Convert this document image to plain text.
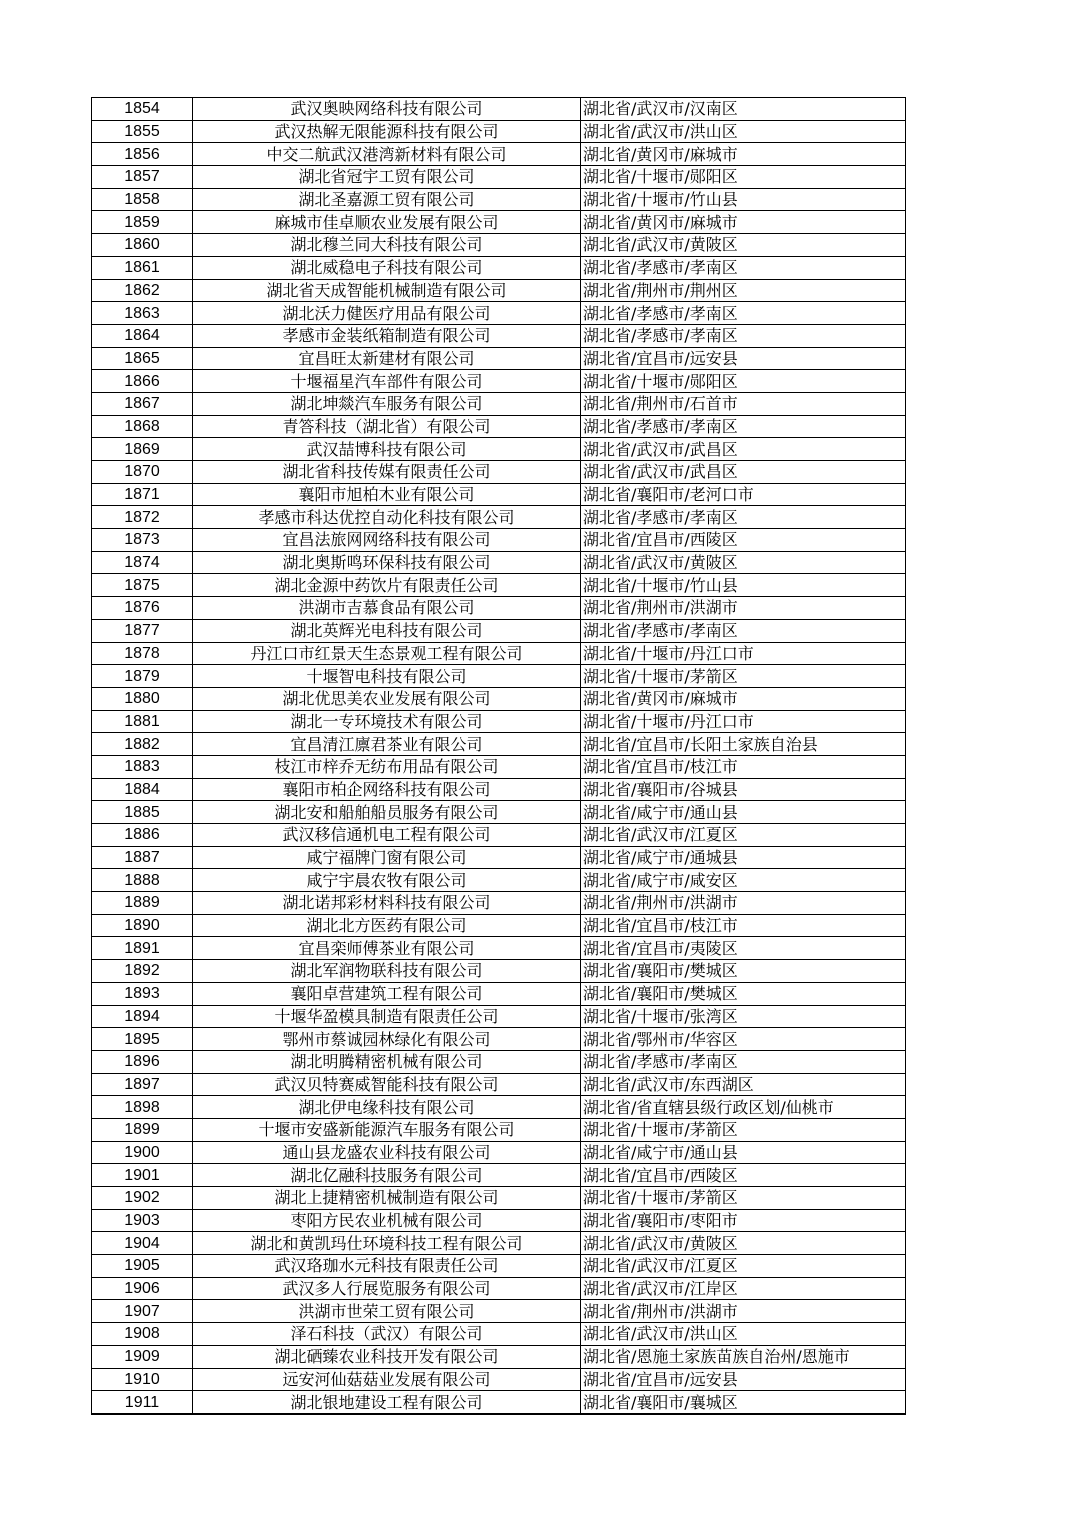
1854	武汉奥映网络科技有限公司	湖北省/武汉市/汉南区
1855	武汉热解无限能源科技有限公司	湖北省/武汉市/洪山区
1856	中交二航武汉港湾新材料有限公司	湖北省/黄冈市/麻城市
1857	湖北省冠宇工贸有限公司	湖北省/十堰市/郧阳区
1858	湖北圣嘉源工贸有限公司	湖北省/十堰市/竹山县
1859	麻城市佳卓顺农业发展有限公司	湖北省/黄冈市/麻城市
1860	湖北穆兰同大科技有限公司	湖北省/武汉市/黄陂区
1861	湖北威稳电子科技有限公司	湖北省/孝感市/孝南区
1862	湖北省天成智能机械制造有限公司	湖北省/荆州市/荆州区
1863	湖北沃力健医疗用品有限公司	湖北省/孝感市/孝南区
1864	孝感市金装纸箱制造有限公司	湖北省/孝感市/孝南区
1865	宜昌旺太新建材有限公司	湖北省/宜昌市/远安县
1866	十堰福星汽车部件有限公司	湖北省/十堰市/郧阳区
1867	湖北坤燚汽车服务有限公司	湖北省/荆州市/石首市
1868	青答科技（湖北省）有限公司	湖北省/孝感市/孝南区
1869	武汉喆博科技有限公司	湖北省/武汉市/武昌区
1870	湖北省科技传媒有限责任公司	湖北省/武汉市/武昌区
1871	襄阳市旭柏木业有限公司	湖北省/襄阳市/老河口市
1872	孝感市科达优控自动化科技有限公司	湖北省/孝感市/孝南区
1873	宜昌法旅网网络科技有限公司	湖北省/宜昌市/西陵区
1874	湖北奥斯鸣环保科技有限公司	湖北省/武汉市/黄陂区
1875	湖北金源中药饮片有限责任公司	湖北省/十堰市/竹山县
1876	洪湖市吉慕食品有限公司	湖北省/荆州市/洪湖市
1877	湖北英辉光电科技有限公司	湖北省/孝感市/孝南区
1878	丹江口市红景天生态景观工程有限公司	湖北省/十堰市/丹江口市
1879	十堰智电科技有限公司	湖北省/十堰市/茅箭区
1880	湖北优思美农业发展有限公司	湖北省/黄冈市/麻城市
1881	湖北一专环境技术有限公司	湖北省/十堰市/丹江口市
1882	宜昌清江廪君茶业有限公司	湖北省/宜昌市/长阳土家族自治县
1883	枝江市梓乔无纺布用品有限公司	湖北省/宜昌市/枝江市
1884	襄阳市柏企网络科技有限公司	湖北省/襄阳市/谷城县
1885	湖北安和船舶船员服务有限公司	湖北省/咸宁市/通山县
1886	武汉移信通机电工程有限公司	湖北省/武汉市/江夏区
1887	咸宁福牌门窗有限公司	湖北省/咸宁市/通城县
1888	咸宁宇晨农牧有限公司	湖北省/咸宁市/咸安区
1889	湖北诺邦彩材料科技有限公司	湖北省/荆州市/洪湖市
1890	湖北北方医药有限公司	湖北省/宜昌市/枝江市
1891	宜昌栾师傅茶业有限公司	湖北省/宜昌市/夷陵区
1892	湖北军润物联科技有限公司	湖北省/襄阳市/樊城区
1893	襄阳卓营建筑工程有限公司	湖北省/襄阳市/樊城区
1894	十堰华盈模具制造有限责任公司	湖北省/十堰市/张湾区
1895	鄂州市蔡诚园林绿化有限公司	湖北省/鄂州市/华容区
1896	湖北明腾精密机械有限公司	湖北省/孝感市/孝南区
1897	武汉贝特赛威智能科技有限公司	湖北省/武汉市/东西湖区
1898	湖北伊电缘科技有限公司	湖北省/省直辖县级行政区划/仙桃市
1899	十堰市安盛新能源汽车服务有限公司	湖北省/十堰市/茅箭区
1900	通山县龙盛农业科技有限公司	湖北省/咸宁市/通山县
1901	湖北亿融科技服务有限公司	湖北省/宜昌市/西陵区
1902	湖北上捷精密机械制造有限公司	湖北省/十堰市/茅箭区
1903	枣阳方民农业机械有限公司	湖北省/襄阳市/枣阳市
1904	湖北和黄凯玛仕环境科技工程有限公司	湖北省/武汉市/黄陂区
1905	武汉珞珈水元科技有限责任公司	湖北省/武汉市/江夏区
1906	武汉多人行展览服务有限公司	湖北省/武汉市/江岸区
1907	洪湖市世荣工贸有限公司	湖北省/荆州市/洪湖市
1908	泽石科技（武汉）有限公司	湖北省/武汉市/洪山区
1909	湖北硒臻农业科技开发有限公司	湖北省/恩施土家族苗族自治州/恩施市
1910	远安河仙菇菇业发展有限公司	湖北省/宜昌市/远安县
1911	湖北银地建设工程有限公司	湖北省/襄阳市/襄城区
